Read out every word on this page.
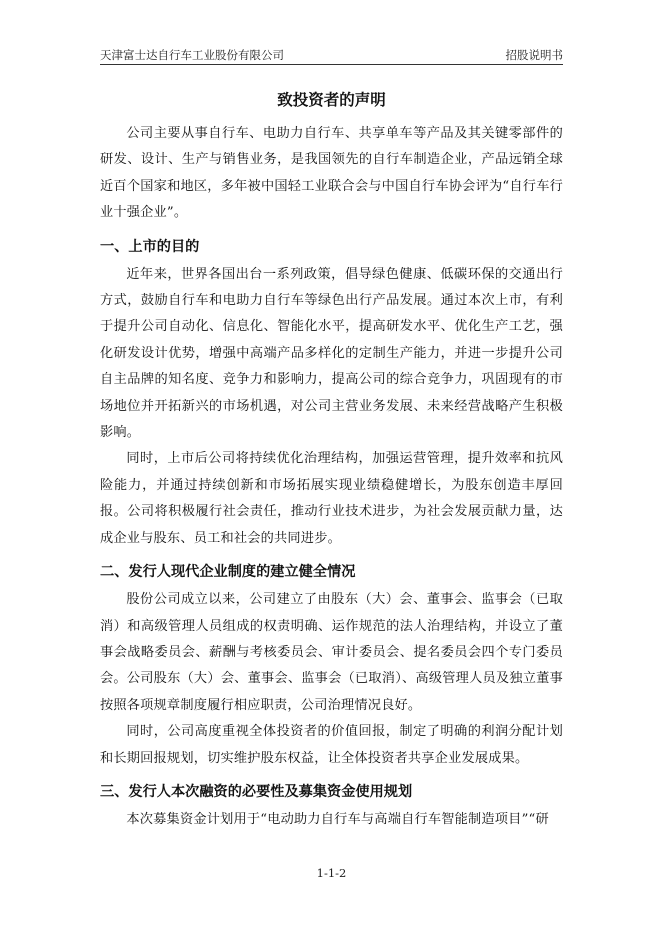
天津富士达自行车工业股份有限公司	招股说明书
致投资者的声明

公司主要从事自行车、电助力自行车、共享单车等产品及其关键零部件的研发、设计、生产与销售业务，是我国领先的自行车制造企业，产品远销全球近百个国家和地区，多年被中国轻工业联合会与中国自行车协会评为“自行车行业十强企业”。

一、上市的目的

近年来，世界各国出台一系列政策，倡导绿色健康、低碳环保的交通出行方式，鼓励自行车和电助力自行车等绿色出行产品发展。通过本次上市，有利于提升公司自动化、信息化、智能化水平，提高研发水平、优化生产工艺，强化研发设计优势，增强中高端产品多样化的定制生产能力，并进一步提升公司自主品牌的知名度、竞争力和影响力，提高公司的综合竞争力，巩固现有的市场地位并开拓新兴的市场机遇，对公司主营业务发展、未来经营战略产生积极影响。

同时，上市后公司将持续优化治理结构，加强运营管理，提升效率和抗风险能力，并通过持续创新和市场拓展实现业绩稳健增长，为股东创造丰厚回报。公司将积极履行社会责任，推动行业技术进步，为社会发展贡献力量，达成企业与股东、员工和社会的共同进步。

二、发行人现代企业制度的建立健全情况

股份公司成立以来，公司建立了由股东（大）会、董事会、监事会（已取消）和高级管理人员组成的权责明确、运作规范的法人治理结构，并设立了董事会战略委员会、薪酬与考核委员会、审计委员会、提名委员会四个专门委员会。公司股东（大）会、董事会、监事会（已取消）、高级管理人员及独立董事按照各项规章制度履行相应职责，公司治理情况良好。

同时，公司高度重视全体投资者的价值回报，制定了明确的利润分配计划和长期回报规划，切实维护股东权益，让全体投资者共享企业发展成果。

三、发行人本次融资的必要性及募集资金使用规划

本次募集资金计划用于“电动助力自行车与高端自行车智能制造项目”“研

1-1-2
